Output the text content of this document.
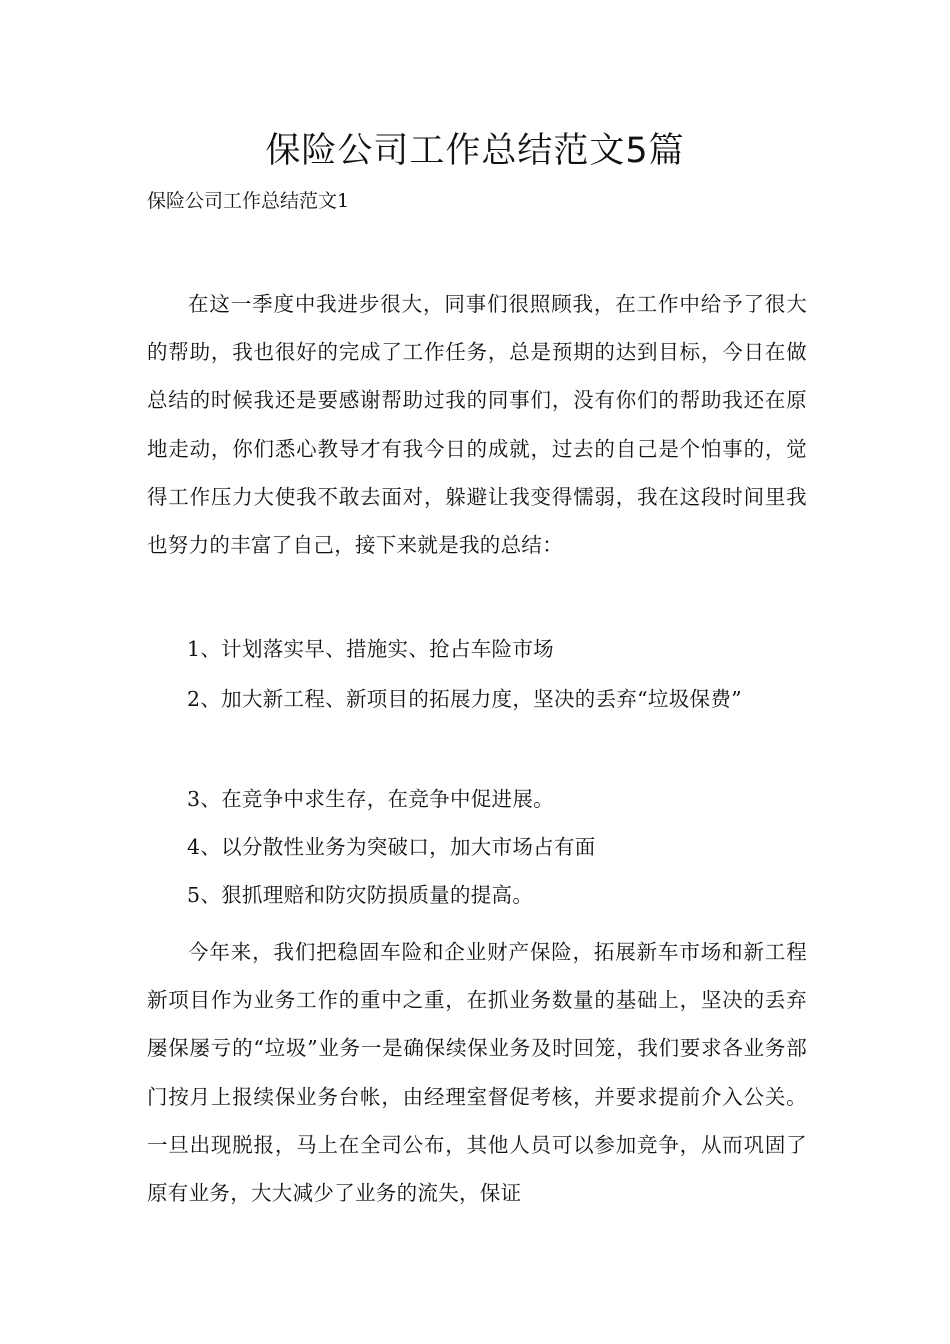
保险公司工作总结范文5篇

保险公司工作总结范文1

在这一季度中我进步很大，同事们很照顾我，在工作中给予了很大的帮助，我也很好的完成了工作任务，总是预期的达到目标，今日在做总结的时候我还是要感谢帮助过我的同事们，没有你们的帮助我还在原地走动，你们悉心教导才有我今日的成就，过去的自己是个怕事的，觉得工作压力大使我不敢去面对，躲避让我变得懦弱，我在这段时间里我也努力的丰富了自己，接下来就是我的总结：

1、计划落实早、措施实、抢占车险市场

2、加大新工程、新项目的拓展力度，坚决的丢弃“垃圾保费”

3、在竞争中求生存，在竞争中促进展。

4、以分散性业务为突破口，加大市场占有面

5、狠抓理赔和防灾防损质量的提高。

今年来，我们把稳固车险和企业财产保险，拓展新车市场和新工程新项目作为业务工作的重中之重，在抓业务数量的基础上，坚决的丢弃屡保屡亏的“垃圾”业务一是确保续保业务及时回笼，我们要求各业务部门按月上报续保业务台帐，由经理室督促考核，并要求提前介入公关。一旦出现脱报，马上在全司公布，其他人员可以参加竞争，从而巩固了原有业务，大大减少了业务的流失，保证
